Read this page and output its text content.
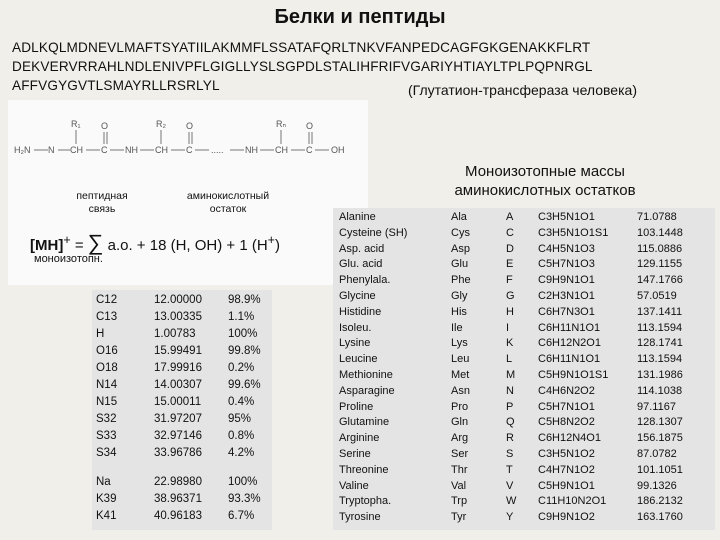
Белки и пептиды
ADLKQLMDNEVLMAFTSYATIILAKMMFLSSATAFQRLTNKVFANPEDCAGFGKGENAKKFLRT
DEKVERVRRAHLNDLENIVPFLGIGLLYSLSGPDLSTALIHFRIFVGARIYHTIAYLTPLPQPNRGL
AFFVGYGVTLSMAYRLLRSRLYL	(Глутатион-трансфераза человека)
H₂N N CH
R₁
C
O
NH CH
R₂
C
O
..... NH CH
Rₙ
C
O
OH
пептидная
связь
аминокислотный
остаток
[MH]+ = ∑ а.о. + 18 (H, OH) + 1 (H+)
моноизотопн.
C12	12.00000 98.9%
C13	13.00335 1.1%
H	1.00783	100%
O16	15.99491 99.8%
O18	17.99916 0.2%
N14	14.00307 99.6%
N15	15.00011 0.4%
S32	31.97207 95%
S33	32.97146 0.8%
S34	33.96786 4.2%
Na	22.98980 100%
K39	38.96371 93.3%
K41	40.96183 6.7%
Моноизотопные массы
аминокислотных остатков
Alanine	Ala	A C3H5N1O1	71.0788
Cysteine (SH)	Cys	C C3H5N1O1S1	103.1448
Asp. acid	Asp	D C4H5N1O3	115.0886
Glu. acid	Glu	E C5H7N1O3	129.1155
Phenylala.	Phe	F C9H9N1O1	147.1766
Glycine	Gly	G C2H3N1O1	57.0519
Histidine	His	H C6H7N3O1	137.1411
Isoleu.	Ile	I	C6H11N1O1	113.1594
Lysine	Lys	K C6H12N2O1	128.1741
Leucine	Leu	L C6H11N1O1	113.1594
Methionine	Met	M C5H9N1O1S1	131.1986
Asparagine	Asn	N C4H6N2O2	114.1038
Proline	Pro	P C5H7N1O1	97.1167
Glutamine	Gln	Q C5H8N2O2	128.1307
Arginine	Arg	R C6H12N4O1	156.1875
Serine	Ser	S C3H5N1O2	87.0782
Threonine	Thr	T C4H7N1O2	101.1051
Valine	Val	V C5H9N1O1	99.1326
Tryptopha.	Trp	W C11H10N2O1	186.2132
Tyrosine	Tyr	Y C9H9N1O2	163.1760
